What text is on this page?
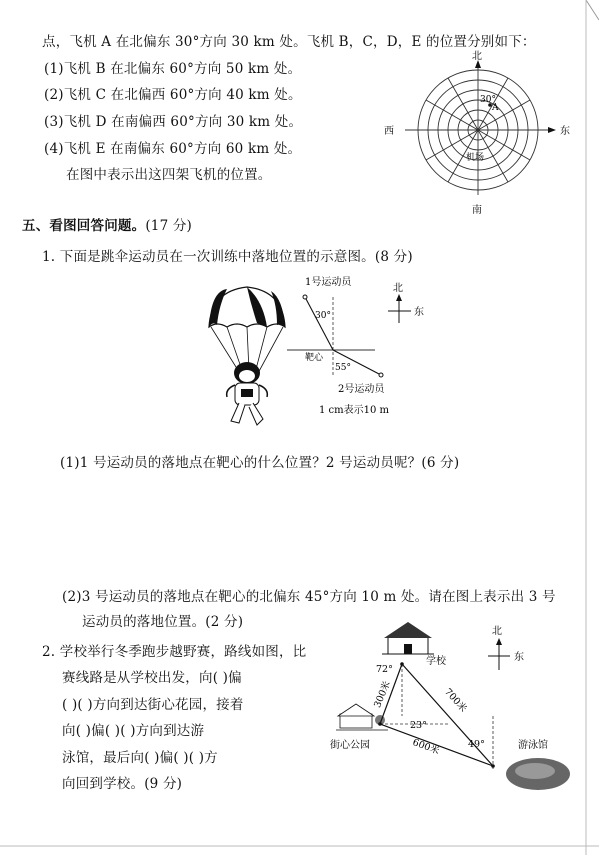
点，飞机 A 在北偏东 30°方向 30 km 处。飞机 B，C，D，E 的位置分别如下：
(1)飞机 B 在北偏东 60°方向 50 km 处。
(2)飞机 C 在北偏西 60°方向 40 km 处。
(3)飞机 D 在南偏西 60°方向 30 km 处。
(4)飞机 E 在南偏东 60°方向 60 km 处。
在图中表示出这四架飞机的位置。
北
南
西	东
30°
A
机场
五、看图回答问题。(17 分)
1. 下面是跳伞运动员在一次训练中落地位置的示意图。(8 分)
1号运动员
30°
靶心
55°
2号运动员
1 cm表示10 m
北
东
(1)1 号运动员的落地点在靶心的什么位置？2 号运动员呢？(6 分)
(2)3 号运动员的落地点在靶心的北偏东 45°方向 10 m 处。请在图上表示出 3 号
运动员的落地位置。(2 分)
2. 学校举行冬季跑步越野赛，路线如图，比
赛线路是从学校出发，向( )偏
( )( )方向到达街心花园，接着
向( )偏( )( )方向到达游
泳馆，最后向( )偏( )( )方
向回到学校。(9 分)
学校
街心公园	游泳馆
北
东
300米	700米
600米
72°
23°
49°
